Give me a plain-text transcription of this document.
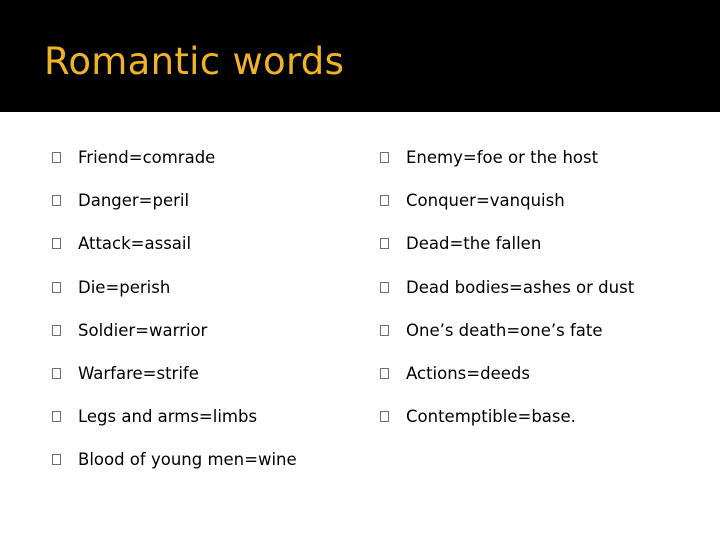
Romantic words
Friend=comrade
Danger=peril
Attack=assail
Die=perish
Soldier=warrior
Warfare=strife
Legs and arms=limbs
Blood of young men=wine
Enemy=foe or the host
Conquer=vanquish
Dead=the fallen
Dead bodies=ashes or dust
One’s death=one’s fate
Actions=deeds
Contemptible=base.
